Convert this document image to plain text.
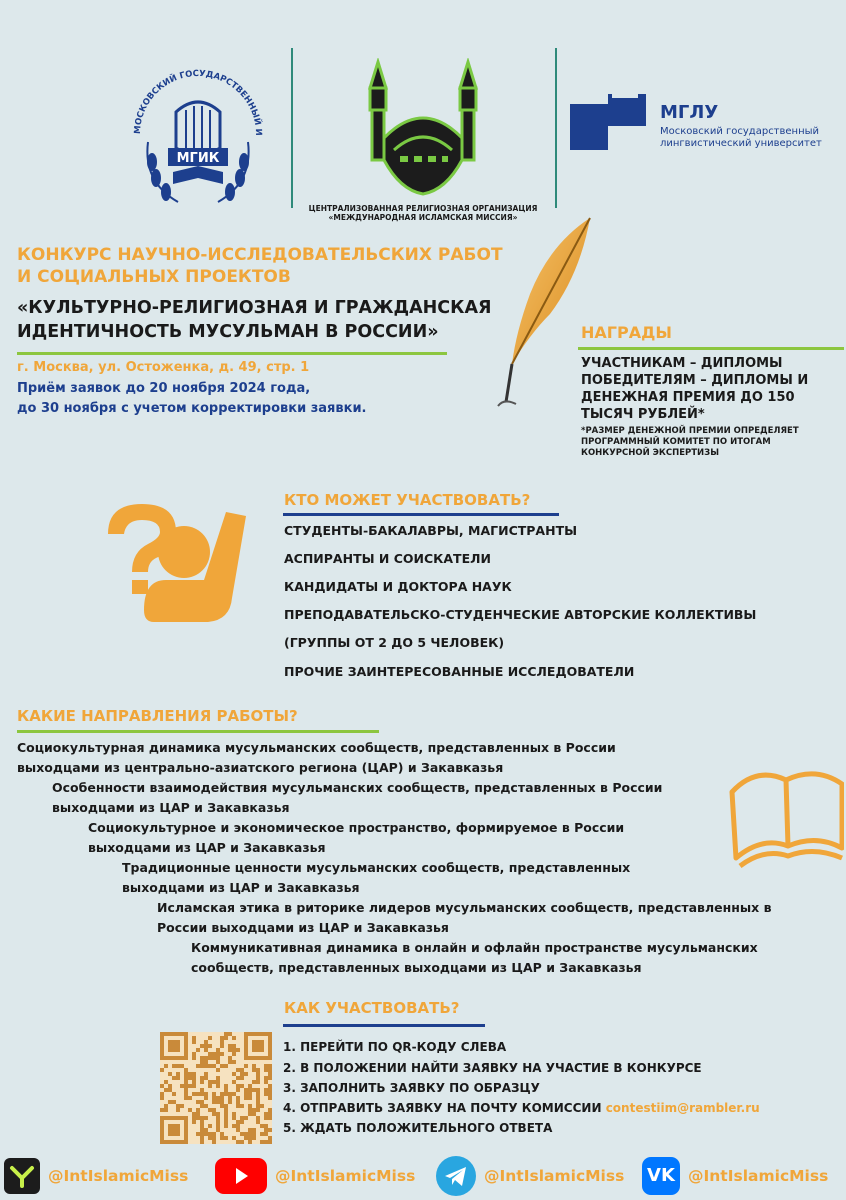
МОСКОВСКИЙ ГОСУДАРСТВЕННЫЙ И
МГИК
ЦЕНТРАЛИЗОВАННАЯ РЕЛИГИОЗНАЯ ОРГАНИЗАЦИЯ
«МЕЖДУНАРОДНАЯ ИСЛАМСКАЯ МИССИЯ»
МГЛУ
Московский государственный
лингвистический университет
КОНКУРС НАУЧНО-ИССЛЕДОВАТЕЛЬСКИХ РАБОТ
И СОЦИАЛЬНЫХ ПРОЕКТОВ
«КУЛЬТУРНО-РЕЛИГИОЗНАЯ И ГРАЖДАНСКАЯ
ИДЕНТИЧНОСТЬ МУСУЛЬМАН В РОССИИ»
г. Москва, ул. Остоженка, д. 49, стр. 1
Приём заявок до 20 ноября 2024 года,
до 30 ноября с учетом корректировки заявки.
НАГРАДЫ
УЧАСТНИКАМ – ДИПЛОМЫ
ПОБЕДИТЕЛЯМ – ДИПЛОМЫ И
ДЕНЕЖНАЯ ПРЕМИЯ ДО 150
ТЫСЯЧ РУБЛЕЙ*
*РАЗМЕР ДЕНЕЖНОЙ ПРЕМИИ ОПРЕДЕЛЯЕТ
ПРОГРАММНЫЙ КОМИТЕТ ПО ИТОГАМ
КОНКУРСНОЙ ЭКСПЕРТИЗЫ
КТО МОЖЕТ УЧАСТВОВАТЬ?
СТУДЕНТЫ-БАКАЛАВРЫ, МАГИСТРАНТЫ
АСПИРАНТЫ И СОИСКАТЕЛИ
КАНДИДАТЫ И ДОКТОРА НАУК
ПРЕПОДАВАТЕЛЬСКО-СТУДЕНЧЕСКИЕ АВТОРСКИЕ КОЛЛЕКТИВЫ
(ГРУППЫ ОТ 2 ДО 5 ЧЕЛОВЕК)
ПРОЧИЕ ЗАИНТЕРЕСОВАННЫЕ ИССЛЕДОВАТЕЛИ
КАКИЕ НАПРАВЛЕНИЯ РАБОТЫ?
Социокультурная динамика мусульманских сообществ, представленных в России
выходцами из центрально-азиатского региона (ЦАР) и Закавказья
Особенности взаимодействия мусульманских сообществ, представленных в России
выходцами из ЦАР и Закавказья
Социокультурное и экономическое пространство, формируемое в России
выходцами из ЦАР и Закавказья
Традиционные ценности мусульманских сообществ, представленных
выходцами из ЦАР и Закавказья
Исламская этика в риторике лидеров мусульманских сообществ, представленных в
России выходцами из ЦАР и Закавказья
Коммуникативная динамика в онлайн и офлайн пространстве мусульманских
сообществ, представленных выходцами из ЦАР и Закавказья
КАК УЧАСТВОВАТЬ?
1. ПЕРЕЙТИ ПО QR-КОДУ СЛЕВА
2. В ПОЛОЖЕНИИ НАЙТИ ЗАЯВКУ НА УЧАСТИЕ В КОНКУРСЕ
3. ЗАПОЛНИТЬ ЗАЯВКУ ПО ОБРАЗЦУ
4. ОТПРАВИТЬ ЗАЯВКУ НА ПОЧТУ КОМИССИИ contestiim@rambler.ru
5. ЖДАТЬ ПОЛОЖИТЕЛЬНОГО ОТВЕТА
@IntIslamicMiss	@IntIslamicMiss	@IntIslamicMiss VK @IntIslamicMiss
